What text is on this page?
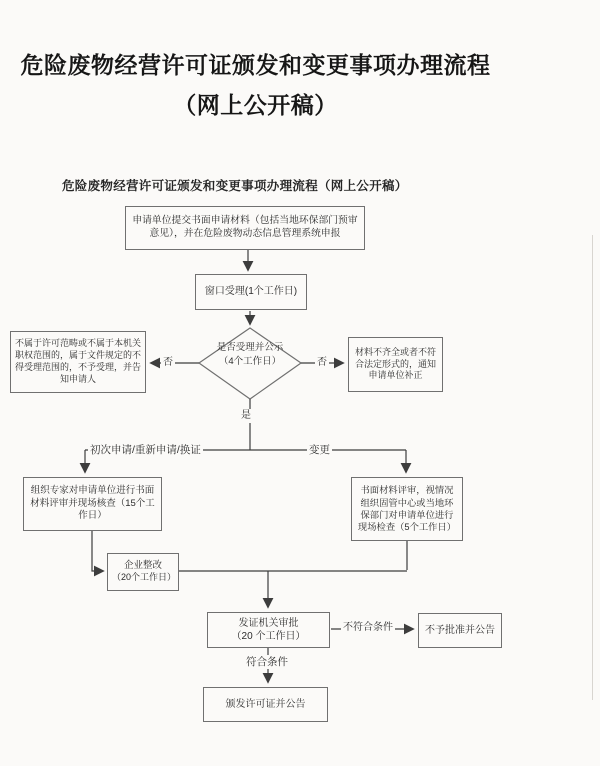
危险废物经营许可证颁发和变更事项办理流程
（网上公开稿）
危险废物经营许可证颁发和变更事项办理流程（网上公开稿）
申请单位提交书面申请材料（包括当地环保部门预审意见），并在危险废物动态信息管理系统申报
窗口受理(1个工作日)
是否受理并公示
（4个工作日）
不属于许可范畴或不属于本机关职权范围的，属于文件规定的不得受理范围的，不予受理，并告知申请人
材料不齐全或者不符合法定形式的，通知申请单位补正
组织专家对申请单位进行书面材料评审并现场核查（15个工作日）
企业整改
（20个工作日）
书面材料评审，视情况组织固管中心或当地环保部门对申请单位进行现场检查（5个工作日）
发证机关审批
（20 个工作日）
不予批准并公告
颁发许可证并公告
否	否
是
初次申请/重新申请/换证	变更
不符合条件
符合条件
